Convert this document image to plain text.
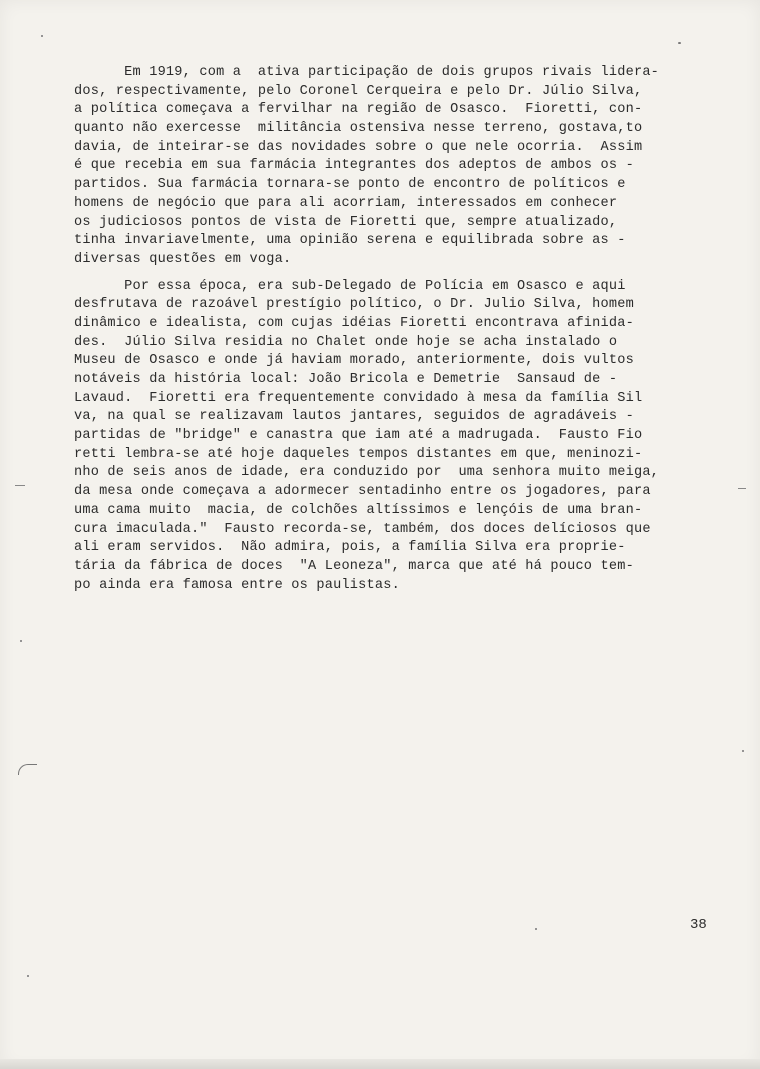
Em 1919, com a  ativa participação de dois grupos rivais lidera-
dos, respectivamente, pelo Coronel Cerqueira e pelo Dr. Júlio Silva,
a política começava a fervilhar na região de Osasco.  Fioretti, con-
quanto não exercesse  militância ostensiva nesse terreno, gostava,to
davia, de inteirar-se das novidades sobre o que nele ocorria.  Assim
é que recebia em sua farmácia integrantes dos adeptos de ambos os -
partidos. Sua farmácia tornara-se ponto de encontro de políticos e
homens de negócio que para ali acorriam, interessados em conhecer
os judiciosos pontos de vista de Fioretti que, sempre atualizado,
tinha invariavelmente, uma opinião serena e equilibrada sobre as -
diversas questões em voga.
Por essa época, era sub-Delegado de Polícia em Osasco e aqui
desfrutava de razoável prestígio político, o Dr. Julio Silva, homem
dinâmico e idealista, com cujas idéias Fioretti encontrava afinida-
des.  Júlio Silva residia no Chalet onde hoje se acha instalado o
Museu de Osasco e onde já haviam morado, anteriormente, dois vultos
notáveis da história local: João Bricola e Demetrie  Sansaud de -
Lavaud.  Fioretti era frequentemente convidado à mesa da família Sil
va, na qual se realizavam lautos jantares, seguidos de agradáveis -
partidas de "bridge" e canastra que iam até a madrugada.  Fausto Fio
retti lembra-se até hoje daqueles tempos distantes em que, meninozi-
nho de seis anos de idade, era conduzido por  uma senhora muito meiga,
da mesa onde começava a adormecer sentadinho entre os jogadores, para
uma cama muito  macia, de colchões altíssimos e lençóis de uma bran-
cura imaculada."  Fausto recorda-se, também, dos doces delíciosos que
ali eram servidos.  Não admira, pois, a família Silva era proprie-
tária da fábrica de doces  "A Leoneza", marca que até há pouco tem-
po ainda era famosa entre os paulistas.
38
